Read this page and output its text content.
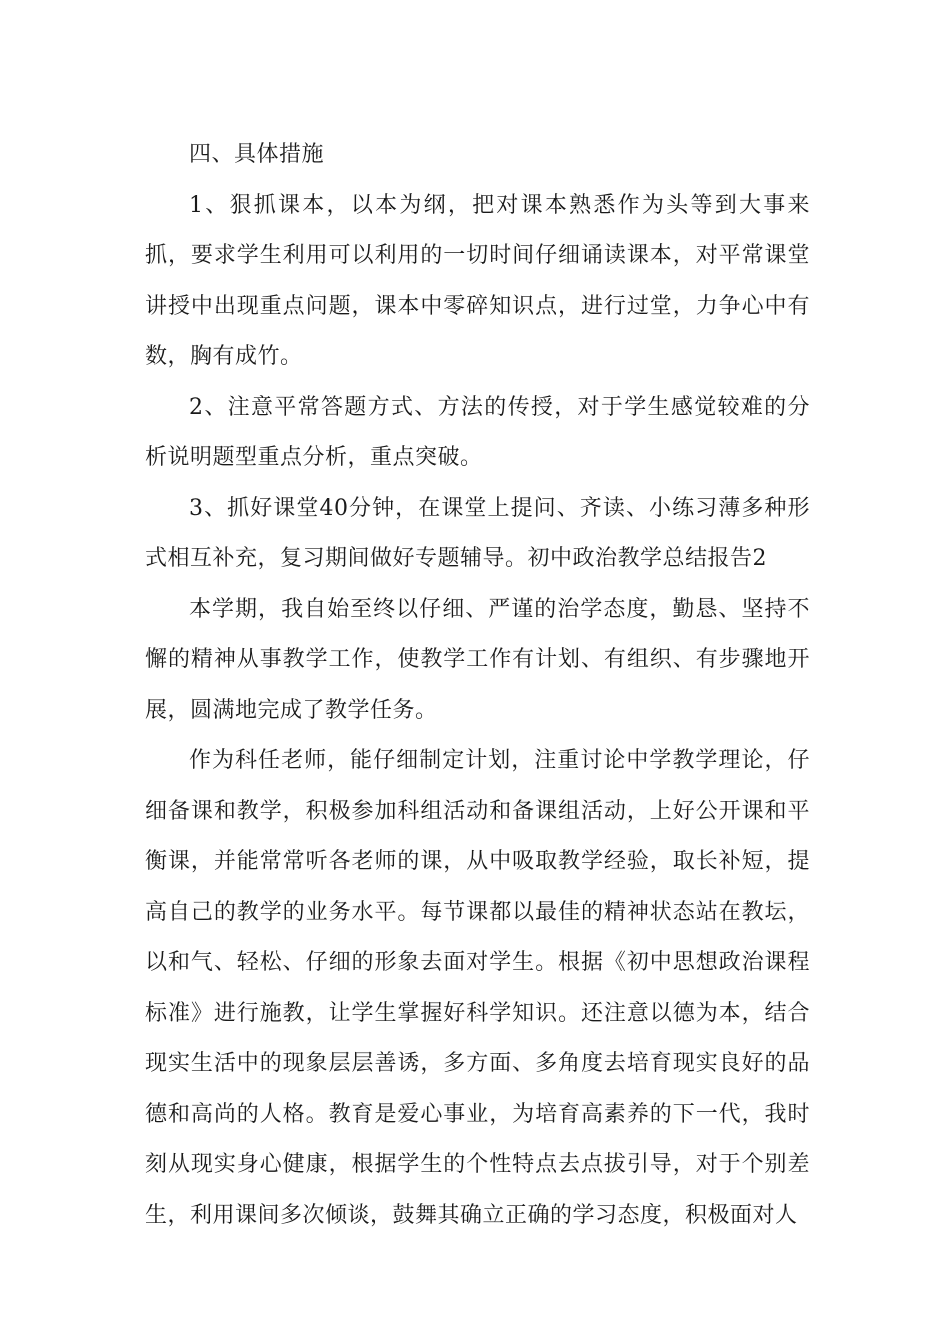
四、具体措施

1、狠抓课本，以本为纲，把对课本熟悉作为头等到大事来抓，要求学生利用可以利用的一切时间仔细诵读课本，对平常课堂讲授中出现重点问题，课本中零碎知识点，进行过堂，力争心中有数，胸有成竹。

2、注意平常答题方式、方法的传授，对于学生感觉较难的分析说明题型重点分析，重点突破。

3、抓好课堂40分钟，在课堂上提问、齐读、小练习薄多种形式相互补充，复习期间做好专题辅导。初中政治教学总结报告2

本学期，我自始至终以仔细、严谨的治学态度，勤恳、坚持不懈的精神从事教学工作，使教学工作有计划、有组织、有步骤地开展，圆满地完成了教学任务。

作为科任老师，能仔细制定计划，注重讨论中学教学理论，仔细备课和教学，积极参加科组活动和备课组活动，上好公开课和平衡课，并能常常听各老师的课，从中吸取教学经验，取长补短，提高自己的教学的业务水平。每节课都以最佳的精神状态站在教坛，以和气、轻松、仔细的形象去面对学生。根据《初中思想政治课程标准》进行施教，让学生掌握好科学知识。还注意以德为本，结合现实生活中的现象层层善诱，多方面、多角度去培育现实良好的品德和高尚的人格。教育是爱心事业，为培育高素养的下一代，我时刻从现实身心健康，根据学生的个性特点去点拔引导，对于个别差生，利用课间多次倾谈，鼓舞其确立正确的学习态度，积极面对人
